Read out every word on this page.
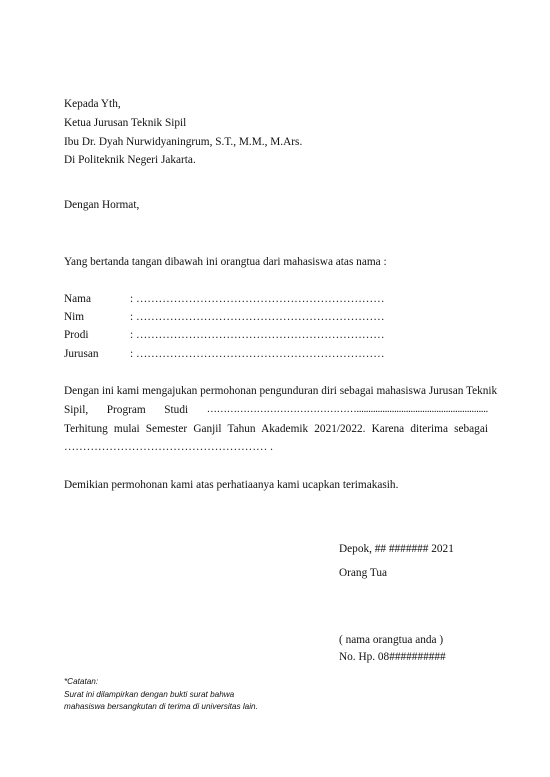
Kepada Yth,
Ketua Jurusan Teknik Sipil
Ibu Dr. Dyah Nurwidyaningrum, S.T., M.M., M.Ars.
Di Politeknik Negeri Jakarta.
Dengan Hormat,
Yang bertanda tangan dibawah ini orangtua dari mahasiswa atas nama :
Nama	: …………………………………………………………
Nim	: …………………………………………………………
Prodi	: …………………………………………………………
Jurusan	: …………………………………………………………
Dengan ini kami mengajukan permohonan pengunduran diri sebagai mahasiswa Jurusan Teknik
Sipil, Program Studi ………………………………………........................................................
Terhitung mulai Semester Ganjil Tahun Akademik 2021/2022. Karena diterima sebagai
……………………………………………… .
Demikian permohonan kami atas perhatiaanya kami ucapkan terimakasih.
Depok, ## ####### 2021
Orang Tua
( nama orangtua anda )
No. Hp. 08##########
*Catatan:
Surat ini dilampirkan dengan bukti surat bahwa
mahasiswa bersangkutan di terima di universitas lain.
